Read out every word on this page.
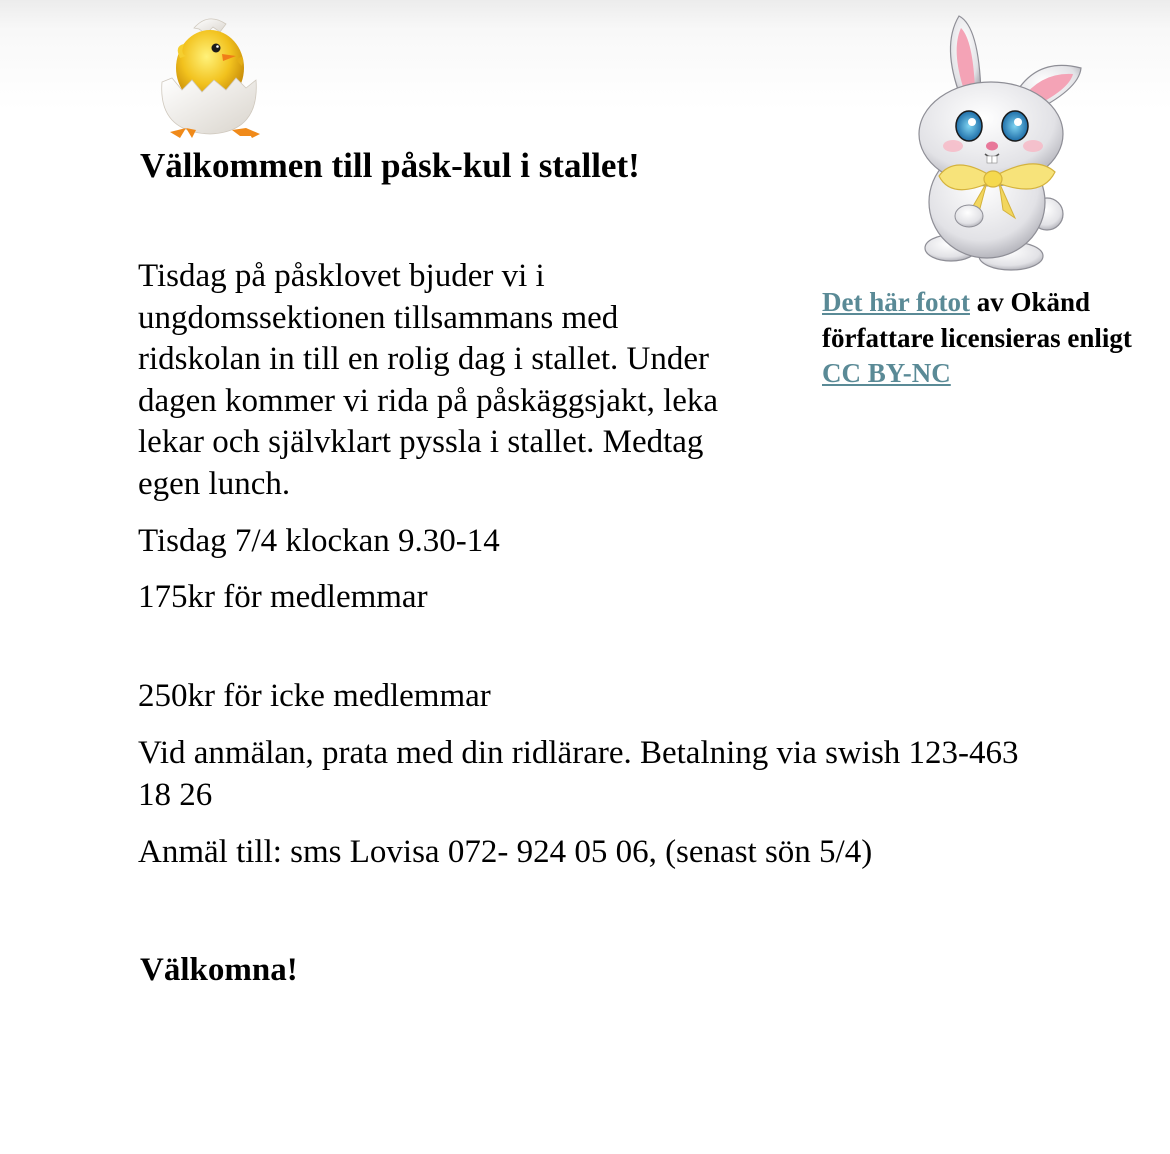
Välkommen till påsk-kul i stallet!

Tisdag på påsklovet bjuder vi i ungdomssektionen tillsammans med ridskolan in till en rolig dag i stallet. Under dagen kommer vi rida på påskäggsjakt, leka lekar och självklart pyssla i stallet. Medtag egen lunch.

Tisdag 7/4 klockan 9.30-14

175kr för medlemmar

250kr för icke medlemmar

Vid anmälan, prata med din ridlärare. Betalning via swish 123-463 18 26

Anmäl till: sms Lovisa 072- 924 05 06, (senast sön 5/4)

Välkomna!

Det här fotot av Okänd författare licensieras enligt CC BY-NC
